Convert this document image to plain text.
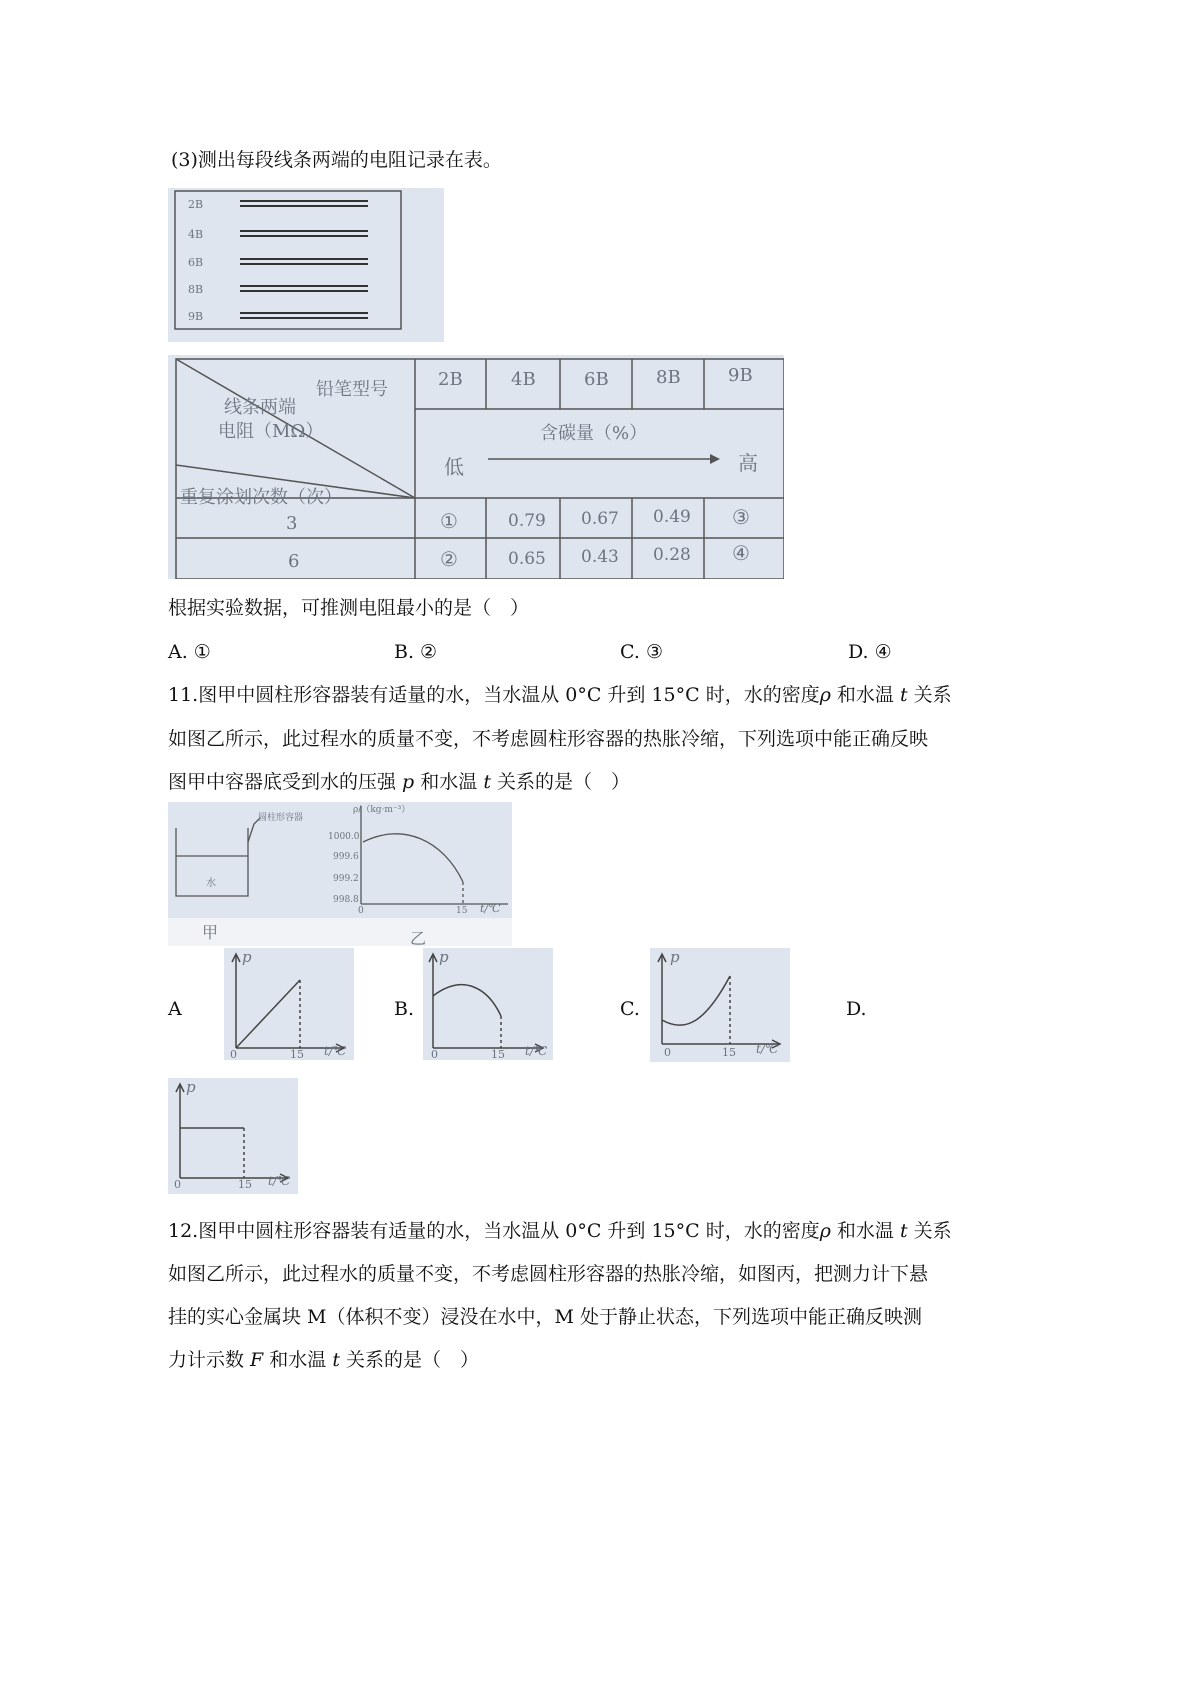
(3)测出每段线条两端的电阻记录在表。
2B
4B
6B
8B
9B
铅笔型号
线条两端
电阻（MΩ）
重复涂划次数（次）
2B	4B	6B	8B	9B
含碳量（%）
低	高
3	①	0.79 0.67 0.49 ③
6	②	0.65 0.43 0.28 ④
根据实验数据，可推测电阻最小的是（　）
A. ①	B. ②	C. ③	D. ④
11.图甲中圆柱形容器装有适量的水，当水温从 0°C 升到 15°C 时，水的密度ρ 和水温 t 关系
如图乙所示，此过程水的质量不变，不考虑圆柱形容器的热胀冷缩，下列选项中能正确反映
图甲中容器底受到水的压强 p 和水温 t 关系的是（　）
圆柱形容器
水
ρ/（kg·m⁻³）
1000.0
999.6
999.2
998.8
0	15 t/℃
甲	乙
A	B.	C.	D.
p
0	15 t/℃
p
0	15 t/℃
p
0	15 t/℃
p
0	15 t/℃
12.图甲中圆柱形容器装有适量的水，当水温从 0°C 升到 15°C 时，水的密度ρ 和水温 t 关系
如图乙所示，此过程水的质量不变，不考虑圆柱形容器的热胀冷缩，如图丙，把测力计下悬
挂的实心金属块 M（体积不变）浸没在水中，M 处于静止状态，下列选项中能正确反映测
力计示数 F 和水温 t 关系的是（　）
